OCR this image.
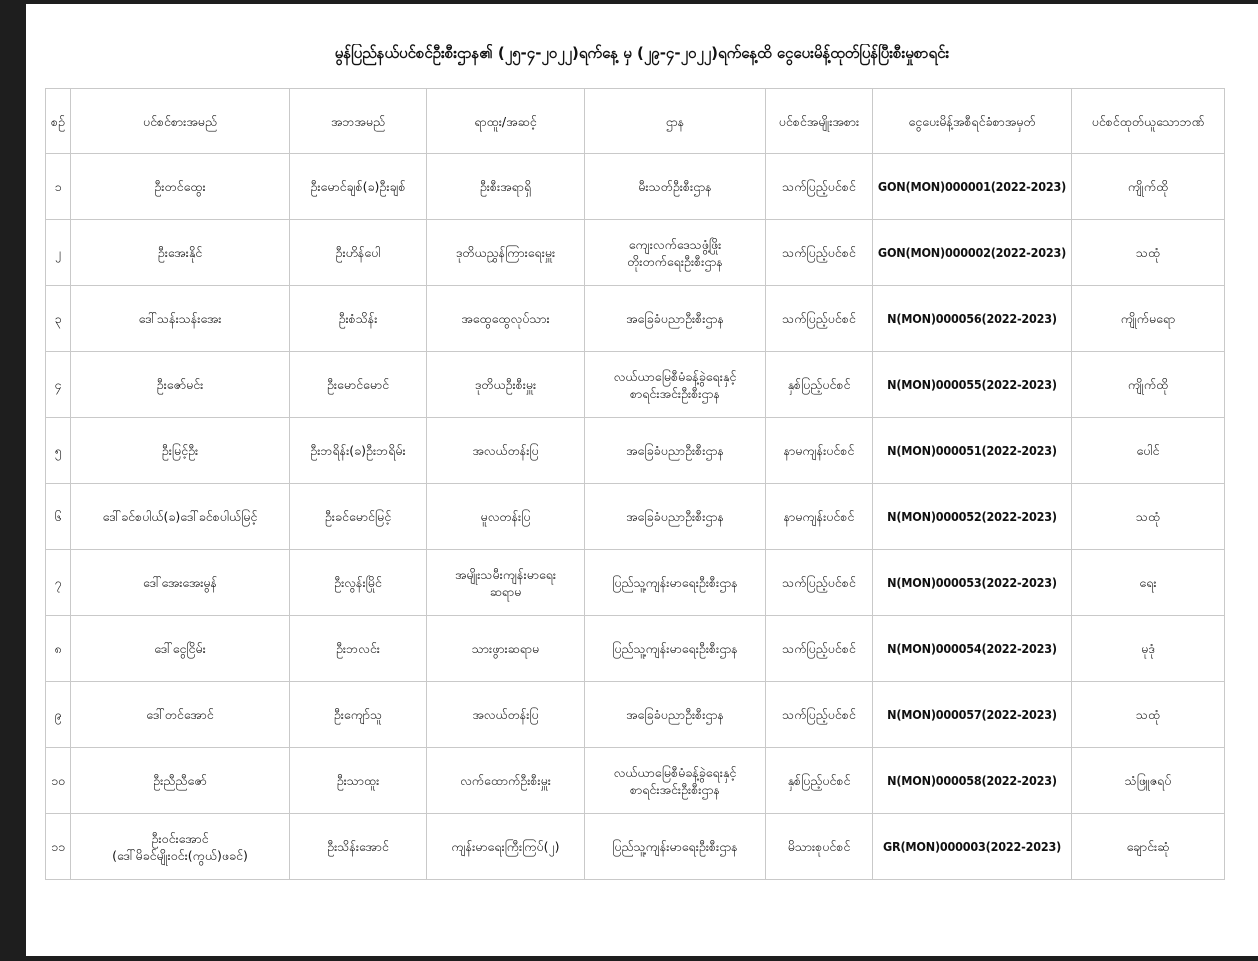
မွန်ပြည်နယ်ပင်စင်ဦးစီးဌာန၏ (၂၅-၄-၂၀၂၂)ရက်နေ့ မှ (၂၉-၄-၂၀၂၂)ရက်နေ့ထိ ငွေပေးမိန့်ထုတ်ပြန်ပြီးစီးမှုစာရင်း
စဉ်	ပင်စင်စားအမည်	အဘအမည်	ရာထူး/အဆင့်	ဌာန	ပင်စင်အမျိုးအစား	ငွေပေးမိန့်အစီရင်ခံစာအမှတ်	ပင်စင်ထုတ်ယူသောဘဏ်
၁	ဦးတင်ထွေး	ဦးမောင်ချစ်(ခ)ဦးချစ်	ဦးစီးအရာရှိ	မီးသတ်ဦးစီးဌာန	သက်ပြည့်ပင်စင်	GON(MON)000001(2022-2023)	ကျိုက်ထို
၂	ဦးအေးနိုင်	ဦးဟိန်ပေါ	ဒုတိယညွှန်ကြားရေးမှူး	ကျေးလက်ဒေသဖွံ့ဖြိုး
တိုးတက်ရေးဦးစီးဌာန	သက်ပြည့်ပင်စင်	GON(MON)000002(2022-2023)	သထုံ
၃	ဒေါ်သန်းသန်းအေး	ဦးစံသိန်း	အထွေထွေလုပ်သား	အခြေခံပညာဦးစီးဌာန	သက်ပြည့်ပင်စင်	N(MON)000056(2022-2023)	ကျိုက်မရော
၄	ဦးဇော်မင်း	ဦးမောင်မောင်	ဒုတိယဦးစီးမှူး	လယ်ယာမြေစီမံခန့်ခွဲရေးနှင့်
စာရင်းအင်းဦးစီးဌာန	နှစ်ပြည့်ပင်စင်	N(MON)000055(2022-2023)	ကျိုက်ထို
၅	ဦးမြင့်ဦး	ဦးဘရိန်း(ခ)ဦးဘရိမ်း	အလယ်တန်းပြ	အခြေခံပညာဦးစီးဌာန	နာမကျန်းပင်စင်	N(MON)000051(2022-2023)	ပေါင်
၆	ဒေါ်ခင်စပါယ်(ခ)ဒေါ်ခင်စပါယ်မြင့်	ဦးခင်မောင်မြင့်	မူလတန်းပြ	အခြေခံပညာဦးစီးဌာန	နာမကျန်းပင်စင်	N(MON)000052(2022-2023)	သထုံ
၇	ဒေါ်အေးအေးမွန်	ဦးလွန်းမြိုင်	အမျိုးသမီးကျန်းမာရေး
ဆရာမ	ပြည်သူ့ကျန်းမာရေးဦးစီးဌာန	သက်ပြည့်ပင်စင်	N(MON)000053(2022-2023)	ရေး
၈	ဒေါ်ငွေငြိမ်း	ဦးဘလင်း	သားဖွားဆရာမ	ပြည်သူ့ကျန်းမာရေးဦးစီးဌာန	သက်ပြည့်ပင်စင်	N(MON)000054(2022-2023)	မုဒုံ
၉	ဒေါ်တင်အောင်	ဦးကျော်သူ	အလယ်တန်းပြ	အခြေခံပညာဦးစီးဌာန	သက်ပြည့်ပင်စင်	N(MON)000057(2022-2023)	သထုံ
၁၀	ဦးညီညီဇော်	ဦးသာထူး	လက်ထောက်ဦးစီးမှူး	လယ်ယာမြေစီမံခန့်ခွဲရေးနှင့်
စာရင်းအင်းဦးစီးဌာန	နှစ်ပြည့်ပင်စင်	N(MON)000058(2022-2023)	သံဖြူဇရပ်
၁၁	ဦးဝင်းအောင်
(ဒေါ်မိခင်မျိုးဝင်း(ကွယ်)ဖခင်)	ဦးသိန်းအောင်	ကျန်းမာရေးကြီးကြပ်(၂)	ပြည်သူ့ကျန်းမာရေးဦးစီးဌာန	မိသားစုပင်စင်	GR(MON)000003(2022-2023)	ချောင်းဆုံ
